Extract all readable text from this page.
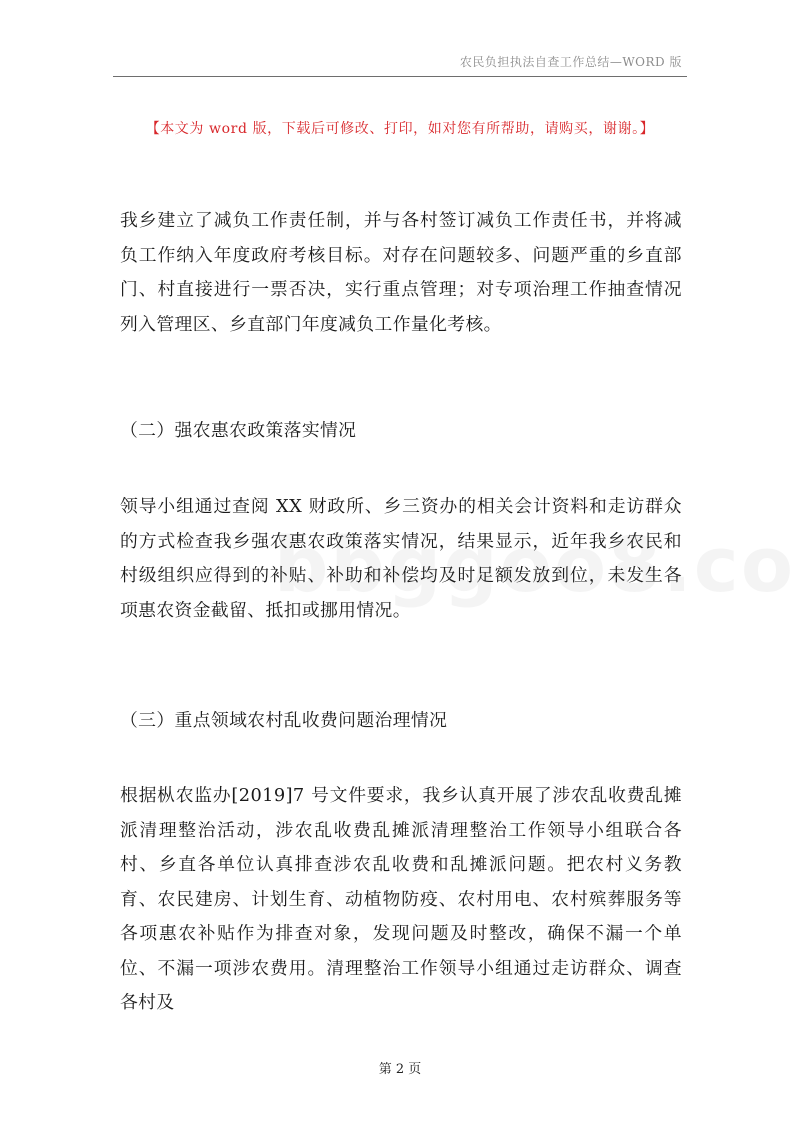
农民负担执法自查工作总结—WORD 版
【本文为 word 版，下载后可修改、打印，如对您有所帮助，请购买，谢谢。】
我乡建立了减负工作责任制，并与各村签订减负工作责任书，并将减负工作纳入年度政府考核目标。对存在问题较多、问题严重的乡直部门、村直接进行一票否决，实行重点管理；对专项治理工作抽查情况列入管理区、乡直部门年度减负工作量化考核。
（二）强农惠农政策落实情况
领导小组通过查阅 XX 财政所、乡三资办的相关会计资料和走访群众的方式检查我乡强农惠农政策落实情况，结果显示，近年我乡农民和村级组织应得到的补贴、补助和补偿均及时足额发放到位，未发生各项惠农资金截留、抵扣或挪用情况。
（三）重点领域农村乱收费问题治理情况
根据枞农监办[2019]7 号文件要求，我乡认真开展了涉农乱收费乱摊派清理整治活动，涉农乱收费乱摊派清理整治工作领导小组联合各村、乡直各单位认真排查涉农乱收费和乱摊派问题。把农村义务教育、农民建房、计划生育、动植物防疫、农村用电、农村殡葬服务等各项惠农补贴作为排查对象，发现问题及时整改，确保不漏一个单位、不漏一项涉农费用。清理整治工作领导小组通过走访群众、调查各村及
第 2 页
